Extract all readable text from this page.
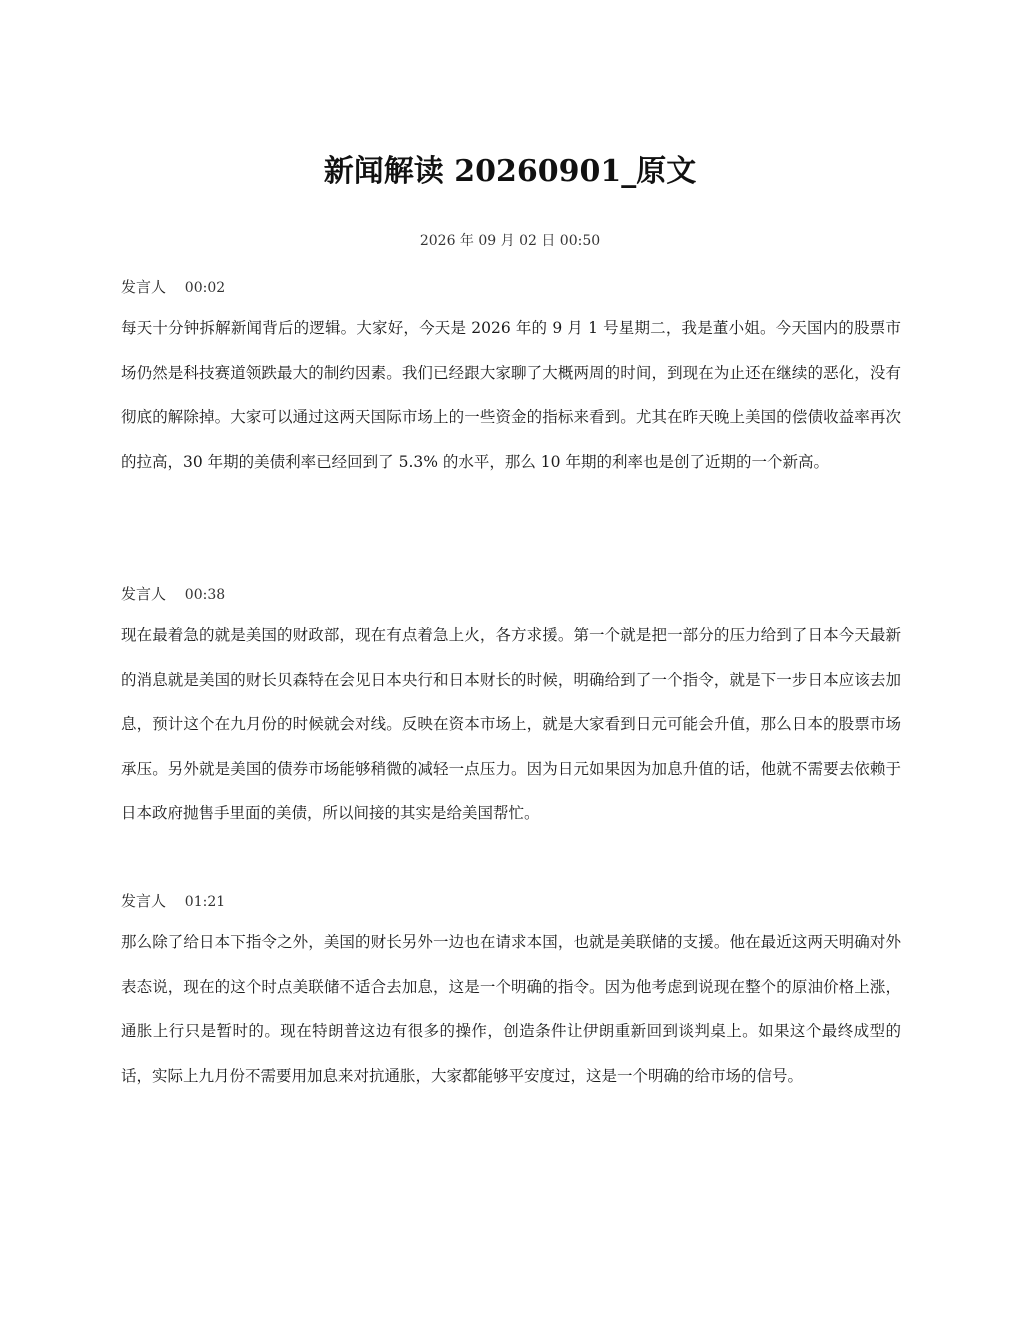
新闻解读 20260901_原文
2026 年 09 月 02 日 00:50
发言人 00:02

每天十分钟拆解新闻背后的逻辑。大家好，今天是 2026 年的 9 月 1 号星期二，我是董小姐。今天国内的股票市场仍然是科技赛道领跌最大的制约因素。我们已经跟大家聊了大概两周的时间，到现在为止还在继续的恶化，没有彻底的解除掉。大家可以通过这两天国际市场上的一些资金的指标来看到。尤其在昨天晚上美国的偿债收益率再次的拉高，30 年期的美债利率已经回到了 5.3% 的水平，那么 10 年期的利率也是创了近期的一个新高。

发言人 00:38

现在最着急的就是美国的财政部，现在有点着急上火，各方求援。第一个就是把一部分的压力给到了日本今天最新的消息就是美国的财长贝森特在会见日本央行和日本财长的时候，明确给到了一个指令，就是下一步日本应该去加息，预计这个在九月份的时候就会对线。反映在资本市场上，就是大家看到日元可能会升值，那么日本的股票市场承压。另外就是美国的债券市场能够稍微的减轻一点压力。因为日元如果因为加息升值的话，他就不需要去依赖于日本政府抛售手里面的美债，所以间接的其实是给美国帮忙。

发言人 01:21

那么除了给日本下指令之外，美国的财长另外一边也在请求本国，也就是美联储的支援。他在最近这两天明确对外表态说，现在的这个时点美联储不适合去加息，这是一个明确的指令。因为他考虑到说现在整个的原油价格上涨，通胀上行只是暂时的。现在特朗普这边有很多的操作，创造条件让伊朗重新回到谈判桌上。如果这个最终成型的话，实际上九月份不需要用加息来对抗通胀，大家都能够平安度过，这是一个明确的给市场的信号。
